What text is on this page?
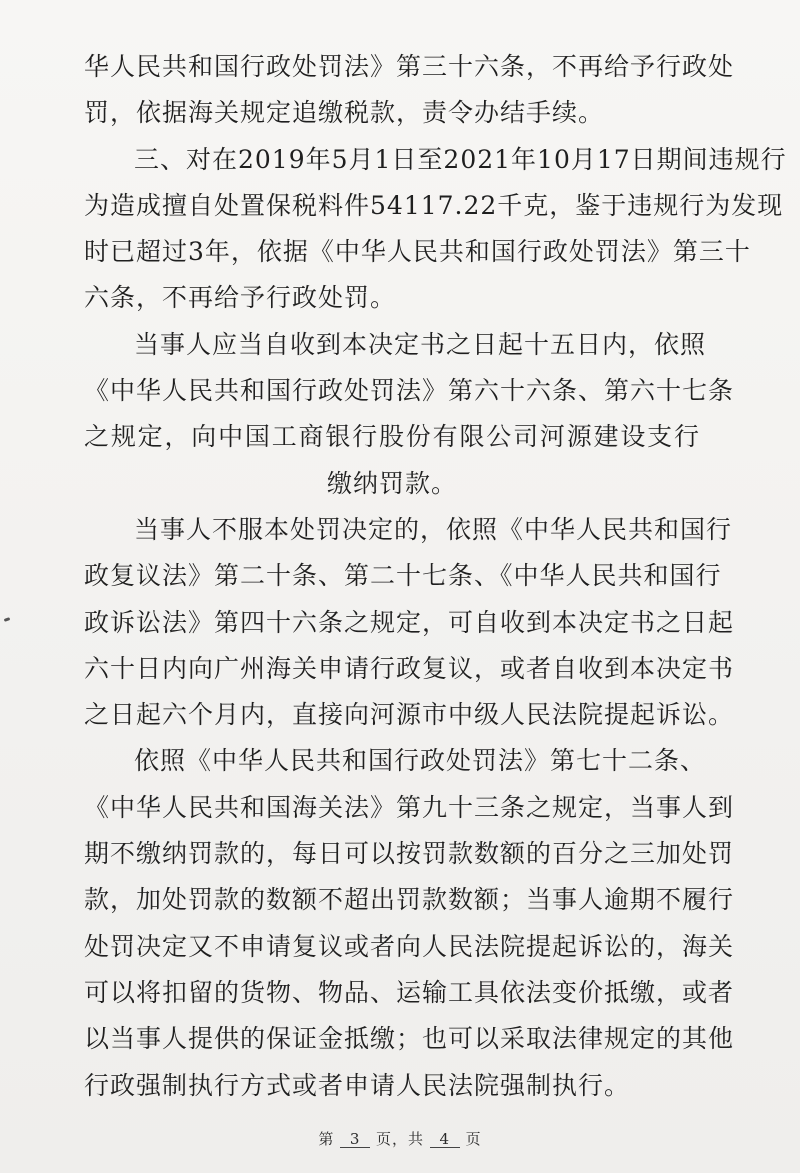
华人民共和国行政处罚法》第三十六条，不再给予行政处
罚，依据海关规定追缴税款，责令办结手续。
三、对在2019年5月1日至2021年10月17日期间违规行
为造成擅自处置保税料件54117.22千克，鉴于违规行为发现
时已超过3年，依据《中华人民共和国行政处罚法》第三十
六条，不再给予行政处罚。
当事人应当自收到本决定书之日起十五日内，依照
《中华人民共和国行政处罚法》第六十六条、第六十七条
之规定，向中国工商银行股份有限公司河源建设支行
缴纳罚款。
当事人不服本处罚决定的，依照《中华人民共和国行
政复议法》第二十条、第二十七条、《中华人民共和国行
政诉讼法》第四十六条之规定，可自收到本决定书之日起
六十日内向广州海关申请行政复议，或者自收到本决定书
之日起六个月内，直接向河源市中级人民法院提起诉讼。
依照《中华人民共和国行政处罚法》第七十二条、
《中华人民共和国海关法》第九十三条之规定，当事人到
期不缴纳罚款的，每日可以按罚款数额的百分之三加处罚
款，加处罚款的数额不超出罚款数额；当事人逾期不履行
处罚决定又不申请复议或者向人民法院提起诉讼的，海关
可以将扣留的货物、物品、运输工具依法变价抵缴，或者
以当事人提供的保证金抵缴；也可以采取法律规定的其他
行政强制执行方式或者申请人民法院强制执行。
第 3 页，共 4 页
